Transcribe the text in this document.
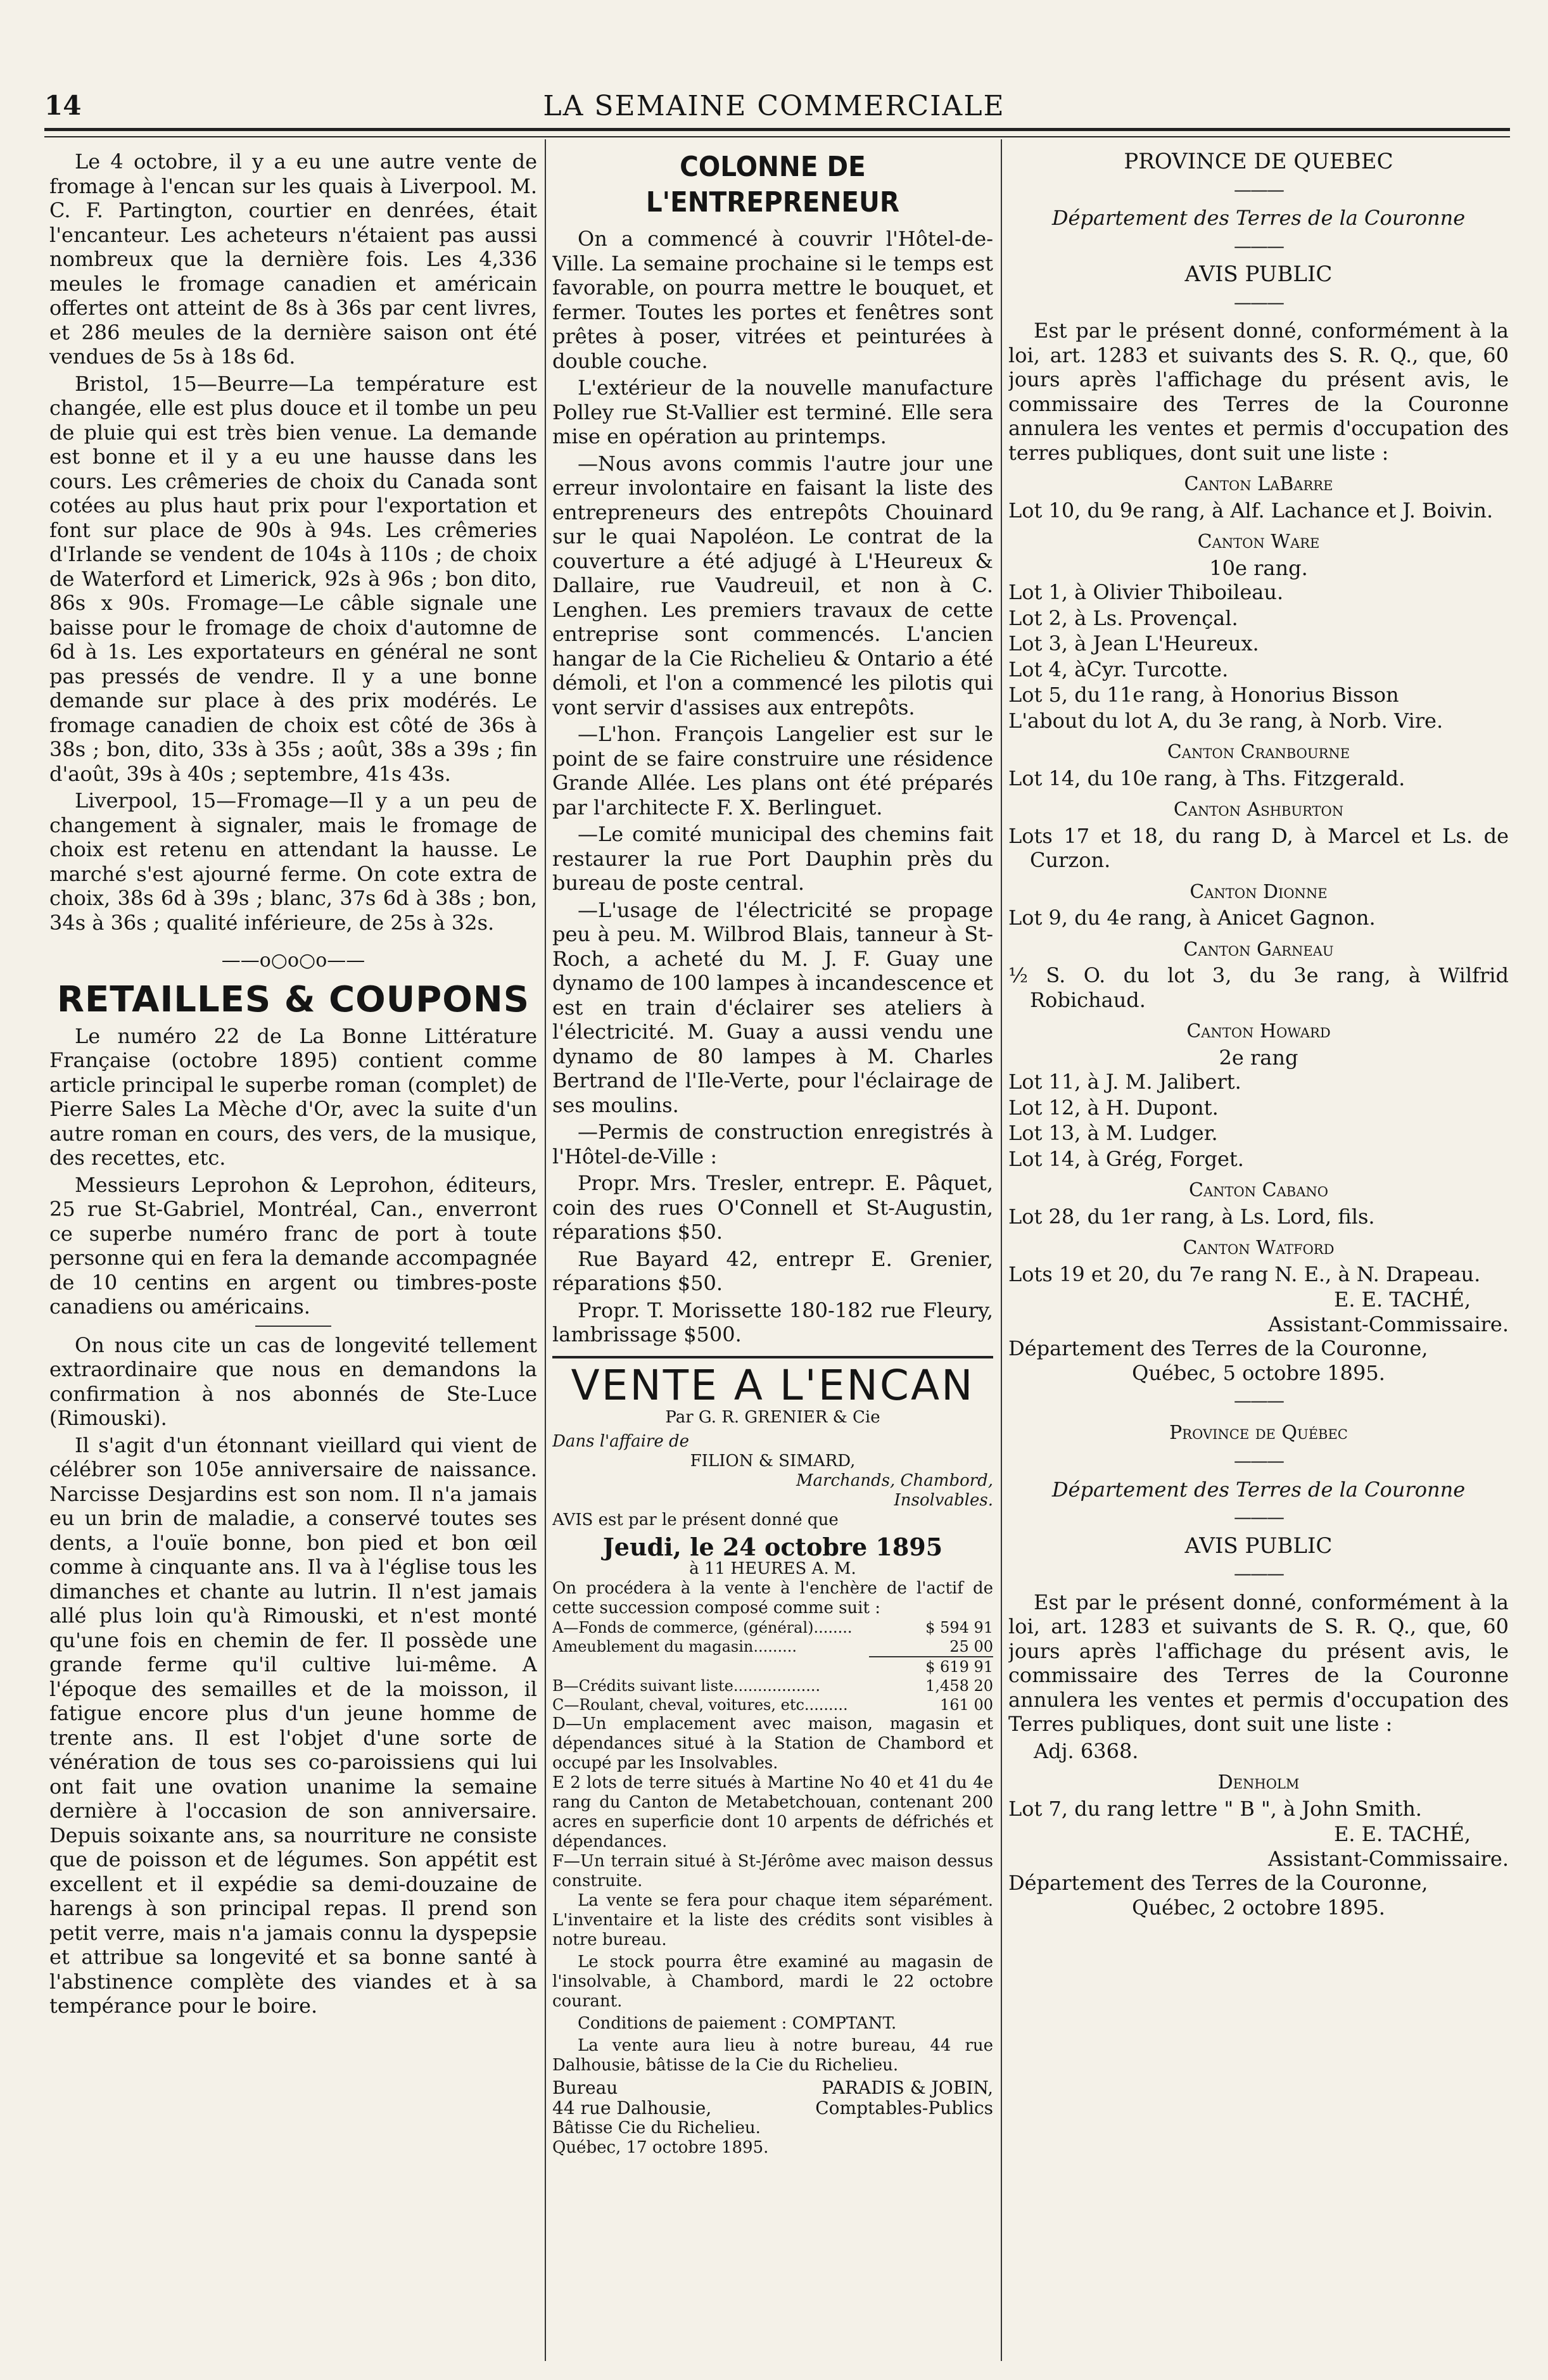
14	LA SEMAINE COMMERCIALE

Le 4 octobre, il y a eu une autre vente de fromage à l'encan sur les quais à Liverpool. M. C. F. Partington, courtier en denrées, était l'encanteur. Les acheteurs n'étaient pas aussi nombreux que la dernière fois. Les 4,336 meules le fromage canadien et américain offertes ont atteint de 8s à 36s par cent livres, et 286 meules de la dernière saison ont été vendues de 5s à 18s 6d.

Bristol, 15—Beurre—La température est changée, elle est plus douce et il tombe un peu de pluie qui est très bien venue. La demande est bonne et il y a eu une hausse dans les cours. Les crêmeries de choix du Canada sont cotées au plus haut prix pour l'exportation et font sur place de 90s à 94s. Les crêmeries d'Irlande se vendent de 104s à 110s ; de choix de Waterford et Limerick, 92s à 96s ; bon dito, 86s x 90s. Fromage—Le câble signale une baisse pour le fromage de choix d'automne de 6d à 1s. Les exportateurs en général ne sont pas pressés de vendre. Il y a une bonne demande sur place à des prix modérés. Le fromage canadien de choix est côté de 36s à 38s ; bon, dito, 33s à 35s ; août, 38s a 39s ; fin d'août, 39s à 40s ; septembre, 41s 43s.

Liverpool, 15—Fromage—Il y a un peu de changement à signaler, mais le fromage de choix est retenu en attendant la hausse. Le marché s'est ajourné ferme. On cote extra de choix, 38s 6d à 39s ; blanc, 37s 6d à 38s ; bon, 34s à 36s ; qualité inférieure, de 25s à 32s.

——o○o○o——
RETAILLES & COUPONS

Le numéro 22 de La Bonne Littérature Française (octobre 1895) contient comme article principal le superbe roman (complet) de Pierre Sales La Mèche d'Or, avec la suite d'un autre roman en cours, des vers, de la musique, des recettes, etc.

Messieurs Leprohon & Leprohon, éditeurs, 25 rue St-Gabriel, Montréal, Can., enverront ce superbe numéro franc de port à toute personne qui en fera la demande accompagnée de 10 centins en argent ou timbres-poste canadiens ou américains.

On nous cite un cas de longevité tellement extraordinaire que nous en demandons la confirmation à nos abonnés de Ste-Luce (Rimouski).

Il s'agit d'un étonnant vieillard qui vient de célébrer son 105e anniversaire de naissance. Narcisse Desjardins est son nom. Il n'a jamais eu un brin de maladie, a conservé toutes ses dents, a l'ouïe bonne, bon pied et bon œil comme à cinquante ans. Il va à l'église tous les dimanches et chante au lutrin. Il n'est jamais allé plus loin qu'à Rimouski, et n'est monté qu'une fois en chemin de fer. Il possède une grande ferme qu'il cultive lui-même. A l'époque des semailles et de la moisson, il fatigue encore plus d'un jeune homme de trente ans. Il est l'objet d'une sorte de vénération de tous ses co-paroissiens qui lui ont fait une ovation unanime la semaine dernière à l'occasion de son anniversaire. Depuis soixante ans, sa nourriture ne consiste que de poisson et de légumes. Son appétit est excellent et il expédie sa demi-douzaine de harengs à son principal repas. Il prend son petit verre, mais n'a jamais connu la dyspepsie et attribue sa longevité et sa bonne santé à l'abstinence complète des viandes et à sa tempérance pour le boire.

COLONNE DE L'ENTREPRENEUR

On a commencé à couvrir l'Hôtel-de-Ville. La semaine prochaine si le temps est favorable, on pourra mettre le bouquet, et fermer. Toutes les portes et fenêtres sont prêtes à poser, vitrées et peinturées à double couche.

L'extérieur de la nouvelle manufacture Polley rue St-Vallier est terminé. Elle sera mise en opération au printemps.

—Nous avons commis l'autre jour une erreur involontaire en faisant la liste des entrepreneurs des entrepôts Chouinard sur le quai Napoléon. Le contrat de la couverture a été adjugé à L'Heureux & Dallaire, rue Vaudreuil, et non à C. Lenghen. Les premiers travaux de cette entreprise sont commencés. L'ancien hangar de la Cie Richelieu & Ontario a été démoli, et l'on a commencé les pilotis qui vont servir d'assises aux entrepôts.

—L'hon. François Langelier est sur le point de se faire construire une résidence Grande Allée. Les plans ont été préparés par l'architecte F. X. Berlinguet.

—Le comité municipal des chemins fait restaurer la rue Port Dauphin près du bureau de poste central.

—L'usage de l'électricité se propage peu à peu. M. Wilbrod Blais, tanneur à St-Roch, a acheté du M. J. F. Guay une dynamo de 100 lampes à incandescence et est en train d'éclairer ses ateliers à l'électricité. M. Guay a aussi vendu une dynamo de 80 lampes à M. Charles Bertrand de l'Ile-Verte, pour l'éclairage de ses moulins.

—Permis de construction enregistrés à l'Hôtel-de-Ville :

Propr. Mrs. Tresler, entrepr. E. Pâquet, coin des rues O'Connell et St-Augustin, réparations $50.

Rue Bayard 42, entrepr E. Grenier, réparations $50.

Propr. T. Morissette 180-182 rue Fleury, lambrissage $500.

VENTE A L'ENCAN
Par G. R. GRENIER & Cie
Dans l'affaire de
FILION & SIMARD,
Marchands, Chambord,
Insolvables.
AVIS est par le présent donné que
Jeudi, le 24 octobre 1895
à 11 HEURES A. M.
On procédera à la vente à l'enchère de l'actif de cette succession composé comme suit :
A—Fonds de commerce, (général)........	$ 594 91
Ameublement du magasin.........	25 00
$ 619 91
B—Crédits suivant liste..................	1,458 20
C—Roulant, cheval, voitures, etc.........	161 00
D—Un emplacement avec maison, magasin et dépendances situé à la Station de Chambord et occupé par les Insolvables.
E 2 lots de terre situés à Martine No 40 et 41 du 4e rang du Canton de Metabetchouan, contenant 200 acres en superficie dont 10 arpents de défrichés et dépendances.
F—Un terrain situé à St-Jérôme avec maison dessus construite.

La vente se fera pour chaque item séparément. L'inventaire et la liste des crédits sont visibles à notre bureau.

Le stock pourra être examiné au magasin de l'insolvable, à Chambord, mardi le 22 octobre courant.

Conditions de paiement : COMPTANT.

La vente aura lieu à notre bureau, 44 rue Dalhousie, bâtisse de la Cie du Richelieu.

Bureau	PARADIS & JOBIN,
44 rue Dalhousie,	Comptables-Publics
Bâtisse Cie du Richelieu.
Québec, 17 octobre 1895.
PROVINCE DE QUEBEC
———
Département des Terres de la Couronne
———
AVIS PUBLIC
———

Est par le présent donné, conformément à la loi, art. 1283 et suivants des S. R. Q., que, 60 jours après l'affichage du présent avis, le commissaire des Terres de la Couronne annulera les ventes et permis d'occupation des terres publiques, dont suit une liste :

Canton LaBarre
Lot 10, du 9e rang, à Alf. Lachance et J. Boivin.
Canton Ware
10e rang.
Lot 1, à Olivier Thiboileau.
Lot 2, à Ls. Provençal.
Lot 3, à Jean L'Heureux.
Lot 4, àCyr. Turcotte.
Lot 5, du 11e rang, à Honorius Bisson
L'about du lot A, du 3e rang, à Norb. Vire.
Canton Cranbourne
Lot 14, du 10e rang, à Ths. Fitzgerald.
Canton Ashburton
Lots 17 et 18, du rang D, à Marcel et Ls. de Curzon.
Canton Dionne
Lot 9, du 4e rang, à Anicet Gagnon.
Canton Garneau
½ S. O. du lot 3, du 3e rang, à Wilfrid Robichaud.
Canton Howard
2e rang
Lot 11, à J. M. Jalibert.
Lot 12, à H. Dupont.
Lot 13, à M. Ludger.
Lot 14, à Grég, Forget.
Canton Cabano
Lot 28, du 1er rang, à Ls. Lord, fils.
Canton Watford
Lots 19 et 20, du 7e rang N. E., à N. Drapeau.
E. E. TACHÉ,
Assistant-Commissaire.
Département des Terres de la Couronne,
Québec, 5 octobre 1895.
———
Province de Québec
———
Département des Terres de la Couronne
———
AVIS PUBLIC
———

Est par le présent donné, conformément à la loi, art. 1283 et suivants de S. R. Q., que, 60 jours après l'affichage du présent avis, le commissaire des Terres de la Couronne annulera les ventes et permis d'occupation des Terres publiques, dont suit une liste :

Adj. 6368.

Denholm
Lot 7, du rang lettre " B ", à John Smith.
E. E. TACHÉ,
Assistant-Commissaire.
Département des Terres de la Couronne,
Québec, 2 octobre 1895.
